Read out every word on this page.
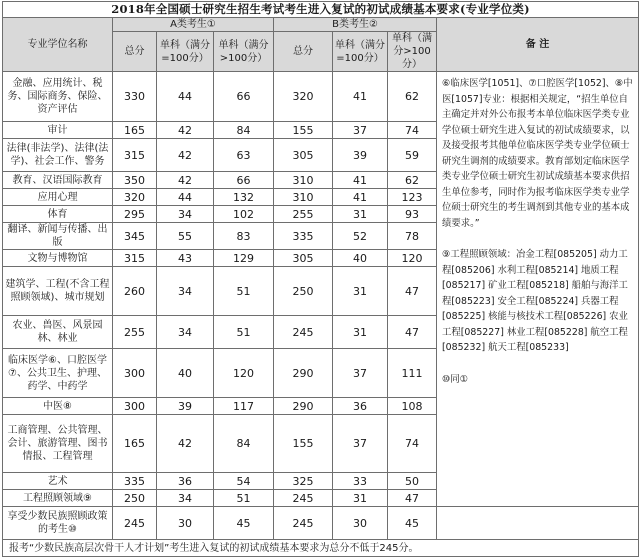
2018年全国硕士研究生招生考试考生进入复试的初试成绩基本要求(专业学位类)							
专业学位名称	A类考生①			B类考生②			备 注
	总分	单科（满分=100分）	单科（满分>100分）	总分	单科（满分=100分）	单科（满分>100分）	

金融、应用统计、税务、国际商务、保险、资产评估	330	44	66	320	41	62	⑥临床医学[1051]、⑦口腔医学[1052]、⑧中医[1057]专业：根据相关规定，“招生单位自主确定并对外公布报考本单位临床医学类专业学位硕士研究生进入复试的初试成绩要求，以及接受报考其他单位临床医学类专业学位硕士研究生调剂的成绩要求。教育部划定临床医学类专业学位硕士研究生初试成绩基本要求供招生单位参考，同时作为报考临床医学类专业学位硕士研究生的考生调剂到其他专业的基本成绩要求。”
⑨工程照顾领域：冶金工程[085205] 动力工程[085206] 水利工程[085214] 地质工程[085217] 矿业工程[085218] 船舶与海洋工程[085223] 安全工程[085224] 兵器工程[085225] 核能与核技术工程[085226] 农业工程[085227] 林业工程[085228] 航空工程[085232] 航天工程[085233]
⑩同①

审计	165	42	84	155	37	74	
法律(非法学)、法律(法学)、社会工作、警务	315	42	63	305	39	59	
教育、汉语国际教育	350	42	66	310	41	62	
应用心理	320	44	132	310	41	123	
体育	295	34	102	255	31	93	
翻译、新闻与传播、出版	345	55	83	335	52	78	
文物与博物馆	315	43	129	305	40	120	
建筑学、工程(不含工程照顾领域)、城市规划	260	34	51	250	31	47	
农业、兽医、风景园林、林业	255	34	51	245	31	47	
临床医学⑥、口腔医学⑦、公共卫生、护理、药学、中药学	300	40	120	290	37	111	
中医⑧	300	39	117	290	36	108	
工商管理、公共管理、会计、旅游管理、图书情报、工程管理	165	42	84	155	37	74	
艺术	335	36	54	325	33	50	
工程照顾领域⑨	250	34	51	245	31	47	
享受少数民族照顾政策的考生⑩	245	30	45	245	30	45	
报考“少数民族高层次骨干人才计划”考生进入复试的初试成绩基本要求为总分不低于245分。							
